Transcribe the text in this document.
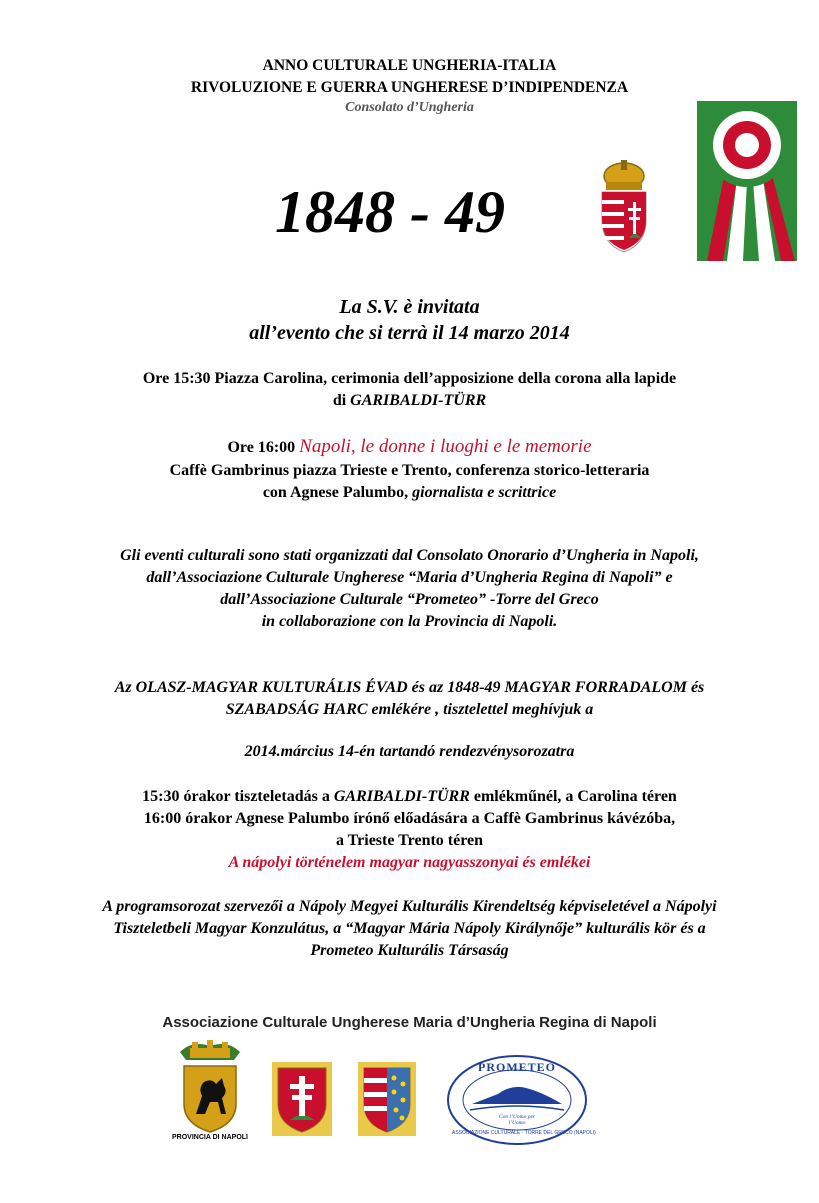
ANNO CULTURALE UNGHERIA-ITALIA
RIVOLUZIONE E GUERRA UNGHERESE D’INDIPENDENZA
Consolato d’Ungheria
1848 - 49
La S.V. è invitata
all’evento che si terrà il 14 marzo 2014
Ore 15:30 Piazza Carolina, cerimonia dell’apposizione della corona alla lapide
di GARIBALDI-TÜRR
Ore 16:00 Napoli, le donne i luoghi e le memorie
Caffè Gambrinus piazza Trieste e Trento, conferenza storico-letteraria
con Agnese Palumbo, giornalista e scrittrice
Gli eventi culturali sono stati organizzati dal Consolato Onorario d’Ungheria in Napoli,
dall’Associazione Culturale Ungherese “Maria d’Ungheria Regina di Napoli” e
dall’Associazione Culturale “Prometeo” -Torre del Greco
in collaborazione con la Provincia di Napoli.
Az OLASZ-MAGYAR KULTURÁLIS ÉVAD és az 1848-49 MAGYAR FORRADALOM és
SZABADSÁG HARC emlékére , tisztelettel meghívjuk a
2014.március 14-én tartandó rendezvénysorozatra
15:30 órakor tiszteletadás a GARIBALDI-TÜRR emlékműnél, a Carolina téren
16:00 órakor Agnese Palumbo írónő előadására a Caffè Gambrinus kávézóba,
a Trieste Trento téren
A nápolyi történelem magyar nagyasszonyai és emlékei
A programsorozat szervezői a Nápoly Megyei Kulturális Kirendeltség képviseletével a Nápolyi
Tiszteletbeli Magyar Konzulátus, a “Magyar Mária Nápoly Királynője” kulturális kör és a
Prometeo Kulturális Társaság
Associazione Culturale Ungherese Maria d’Ungheria Regina di Napoli
PROVINCIA DI NAPOLI
PROMETEO
Con l’Uomo per l’Uomo
ASSOCIAZIONE CULTURALE · TORRE DEL GRECO (NAPOLI)
